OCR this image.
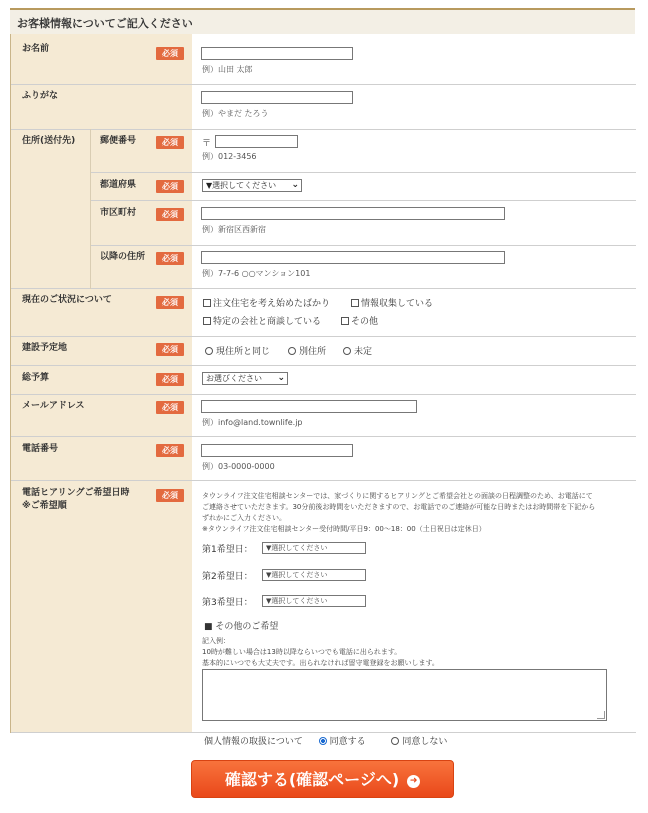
お客様情報についてご記入ください
お名前	必須
例）山田 太郎
ふりがな
例）やまだ たろう
住所(送付先)	郵便番号	必須	〒
例）012-3456
都道府県	必須	▼選択してください ⌄
市区町村	必須
例）新宿区西新宿
以降の住所	必須
例）7-7-6 ○○マンション101
現在のご状況について	必須	注文住宅を考え始めたばかり	情報収集している
特定の会社と商談している	その他
建設予定地	必須	現住所と同じ	別住所	未定
総予算	必須	お選びください ⌄
メールアドレス	必須
例）info@land.townlife.jp
電話番号	必須
例）03-0000-0000
電話ヒアリングご希望日時
※ご希望順
必須	タウンライフ注文住宅相談センターでは、家づくりに関するヒアリングとご希望会社との面談の日程調整のため、お電話にて
ご連絡させていただきます。30分前後お時間をいただきますので、お電話でのご連絡が可能な日時またはお時間帯を下記から
ずれかにご入力ください。
※タウンライフ注文住宅相談センター受付時間/平日9：00～18：00（土日祝日は定休日）
第1希望日：	▼選択してください
第2希望日：	▼選択してください
第3希望日：	▼選択してください
■ その他のご希望
記入例：
10時が難しい場合は13時以降ならいつでも電話に出られます。
基本的にいつでも大丈夫です。出られなければ留守電登録をお願いします。
個人情報の取扱について	同意する	同意しない
確認する(確認ページへ) ➜
